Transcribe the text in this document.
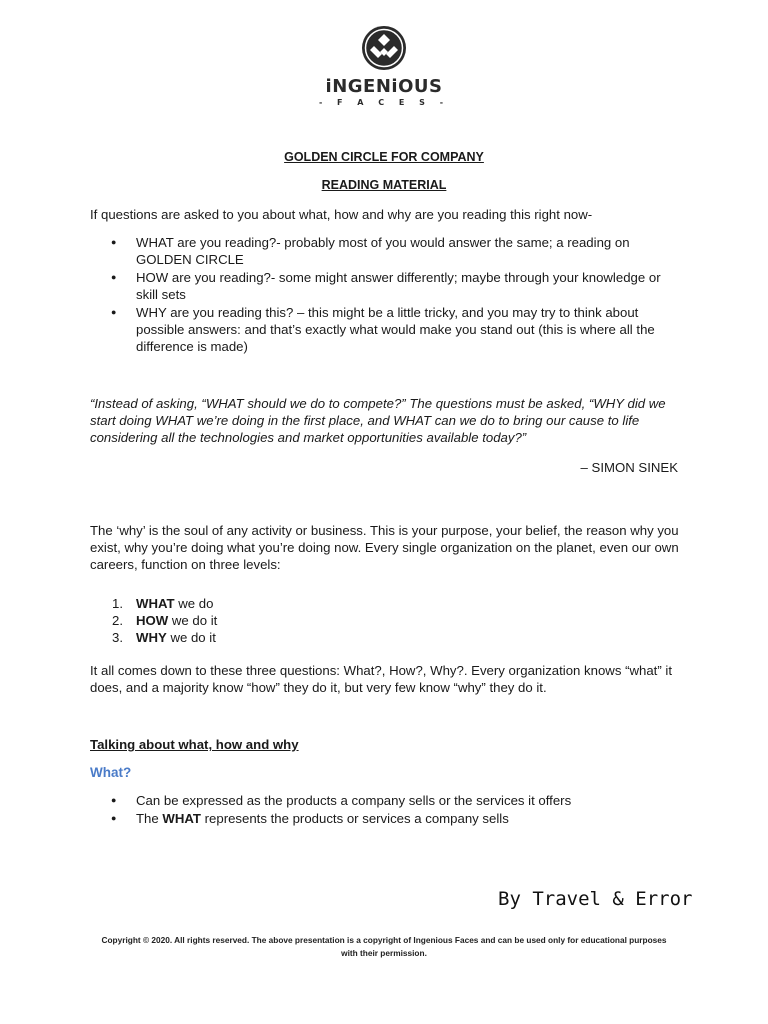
iNGENiOUS
- F A C E S -
GOLDEN CIRCLE FOR COMPANY
READING MATERIAL

If questions are asked to you about what, how and why are you reading this right now-

● WHAT are you reading?- probably most of you would answer the same; a reading on GOLDEN CIRCLE
● HOW are you reading?- some might answer differently; maybe through your knowledge or skill sets
● WHY are you reading this? – this might be a little tricky, and you may try to think about possible answers: and that’s exactly what would make you stand out (this is where all the difference is made)

“Instead of asking, “WHAT should we do to compete?” The questions must be asked, “WHY did we start doing WHAT we’re doing in the first place, and WHAT can we do to bring our cause to life considering all the technologies and market opportunities available today?”

– SIMON SINEK

The ‘why’ is the soul of any activity or business. This is your purpose, your belief, the reason why you exist, why you’re doing what you’re doing now. Every single organization on the planet, even our own careers, function on three levels:

1. WHAT we do
2. HOW we do it
3. WHY we do it

It all comes down to these three questions: What?, How?, Why?. Every organization knows “what” it does, and a majority know “how” they do it, but very few know “why” they do it.

Talking about what, how and why

What?

● Can be expressed as the products a company sells or the services it offers
● The WHAT represents the products or services a company sells
By Travel & Error
Copyright © 2020. All rights reserved. The above presentation is a copyright of Ingenious Faces and can be used only for educational purposes with their permission.
